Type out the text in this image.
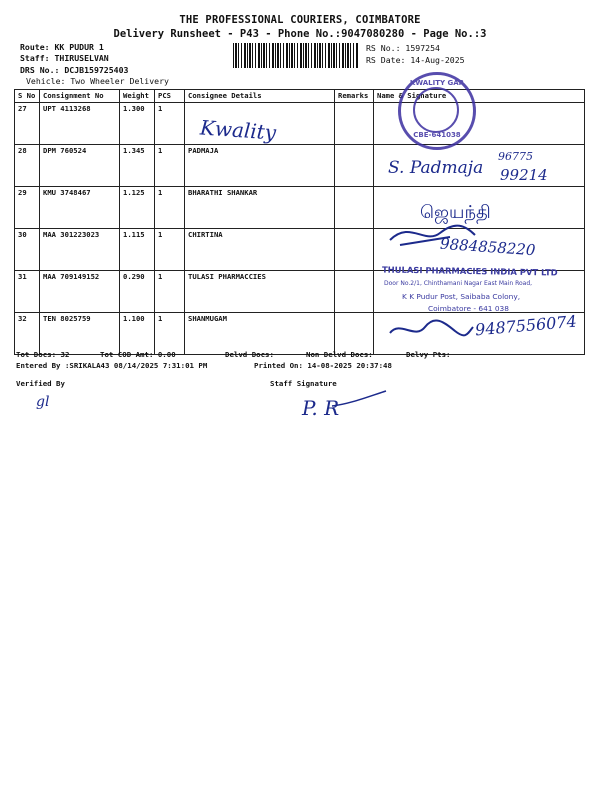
THE PROFESSIONAL COURIERS, COIMBATORE
Delivery Runsheet - P43 - Phone No.:9047080280 - Page No.:3
Route: KK PUDUR 1
Staff: THIRUSELVAN
DRS No.: DCJB159725403
Vehicle: Two Wheeler Delivery
RS No.: 1597254
RS Date: 14-Aug-2025
S No	Consignment No	Weight	PCS	Consignee Details	Remarks	Name & Signature
27	UPT 4113268	1.300	1			
28	DPM 760524	1.345	1	PADMAJA		
29	KMU 3748467	1.125	1	BHARATHI SHANKAR		
30	MAA 301223023	1.115	1	CHIRTINA		
31	MAA 709149152	0.290	1	TULASI PHARMACCIES		
32	TEN 8025759	1.100	1	SHANMUGAM		
KWALITY GAR
CBE-641038
Kwality
S. Padmaja
96775
99214
ஜெயந்தி
9884858220
9487556074
THULASI PHARMACIES INDIA PVT LTD
Door No.2/1, Chinthamani Nagar East Main Road,
K K Pudur Post, Saibaba Colony,
Coimbatore - 641 038
Tot Docs: 32	Tot COD Amt: 0.00	Delvd Docs:	Non Delvd Docs:	Delvy Pts:
Entered By :SRIKALA43 08/14/2025 7:31:01 PM	Printed On: 14-08-2025 20:37:48
Verified By	Staff Signature
gl	P. R
